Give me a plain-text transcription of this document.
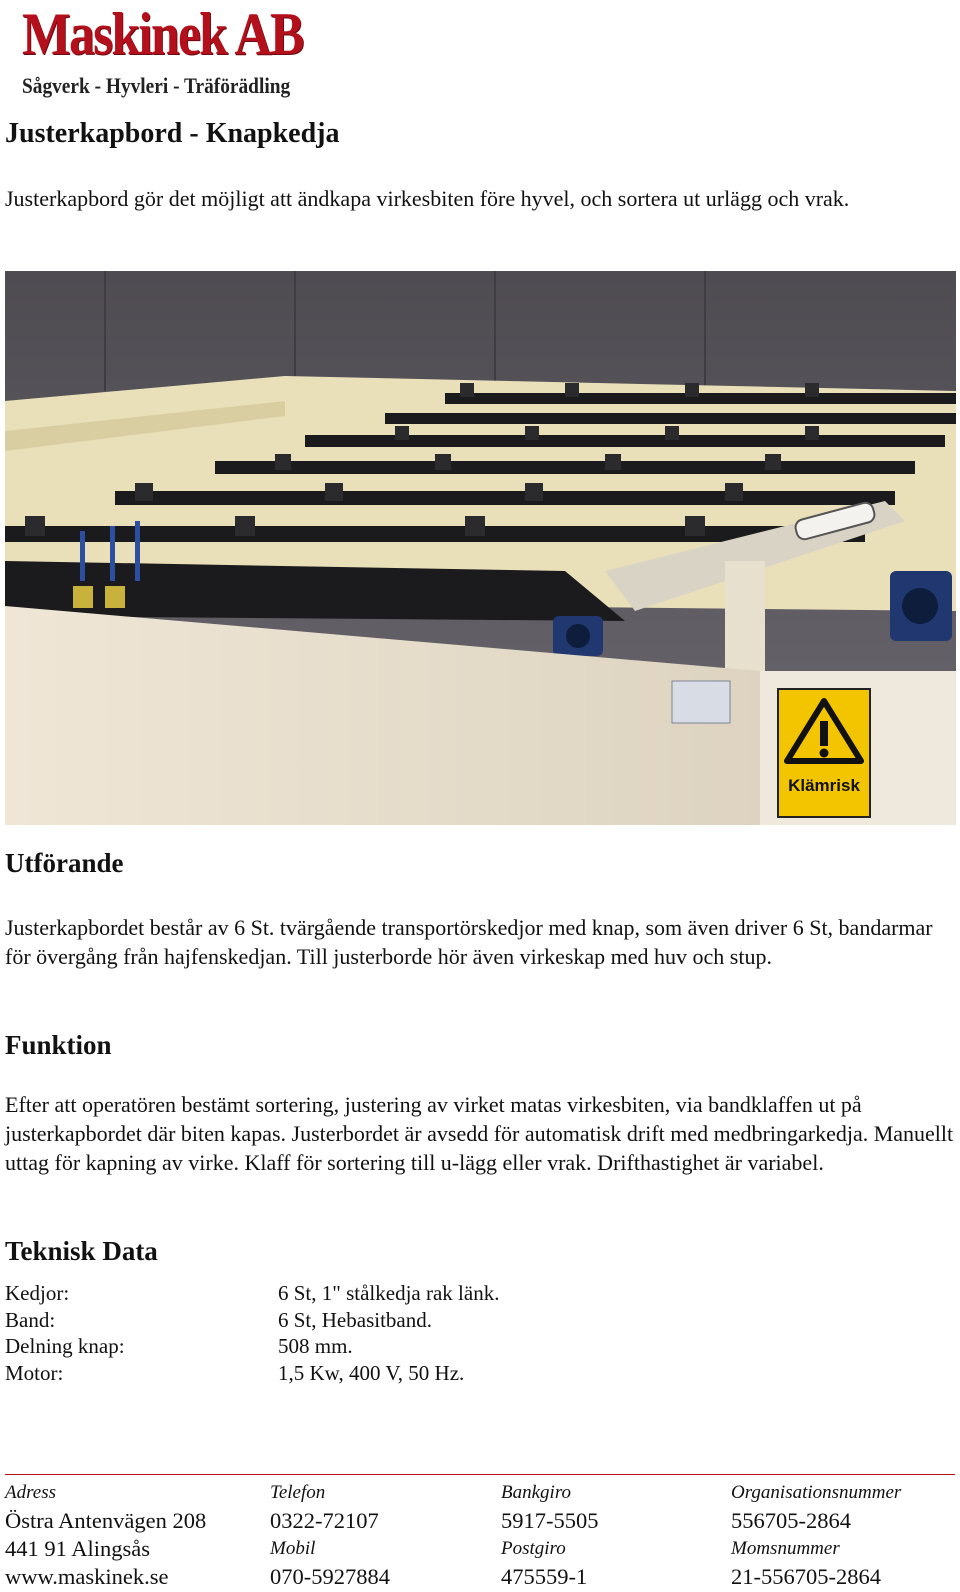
Maskinek AB
Sågverk - Hyvleri - Träförädling
Justerkapbord - Knapkedja

Justerkapbord gör det möjligt att ändkapa virkesbiten före hyvel, och sortera ut urlägg och vrak.

Klämrisk
Utförande

Justerkapbordet består av 6 St. tvärgående transportörskedjor med knap, som även driver 6 St, bandarmar för övergång från hajfenskedjan. Till justerborde hör även virkeskap med huv och stup.

Funktion

Efter att operatören bestämt sortering, justering av virket matas virkesbiten, via bandklaffen ut på justerkapbordet där biten kapas. Justerbordet är avsedd för automatisk drift med medbringarkedja. Manuellt uttag för kapning av virke. Klaff för sortering till u-lägg eller vrak. Drifthastighet är variabel.

Teknisk Data
Kedjor:	6 St, 1" stålkedja rak länk.
Band:	6 St, Hebasitband.
Delning knap:	508 mm.
Motor:	1,5 Kw, 400 V, 50 Hz.
Adress
Östra Antenvägen 208
441 91 Alingsås
www.maskinek.se
Telefon
0322-72107
Mobil
070-5927884
Bankgiro
5917-5505
Postgiro
475559-1
Organisationsnummer
556705-2864
Momsnummer
21-556705-2864
